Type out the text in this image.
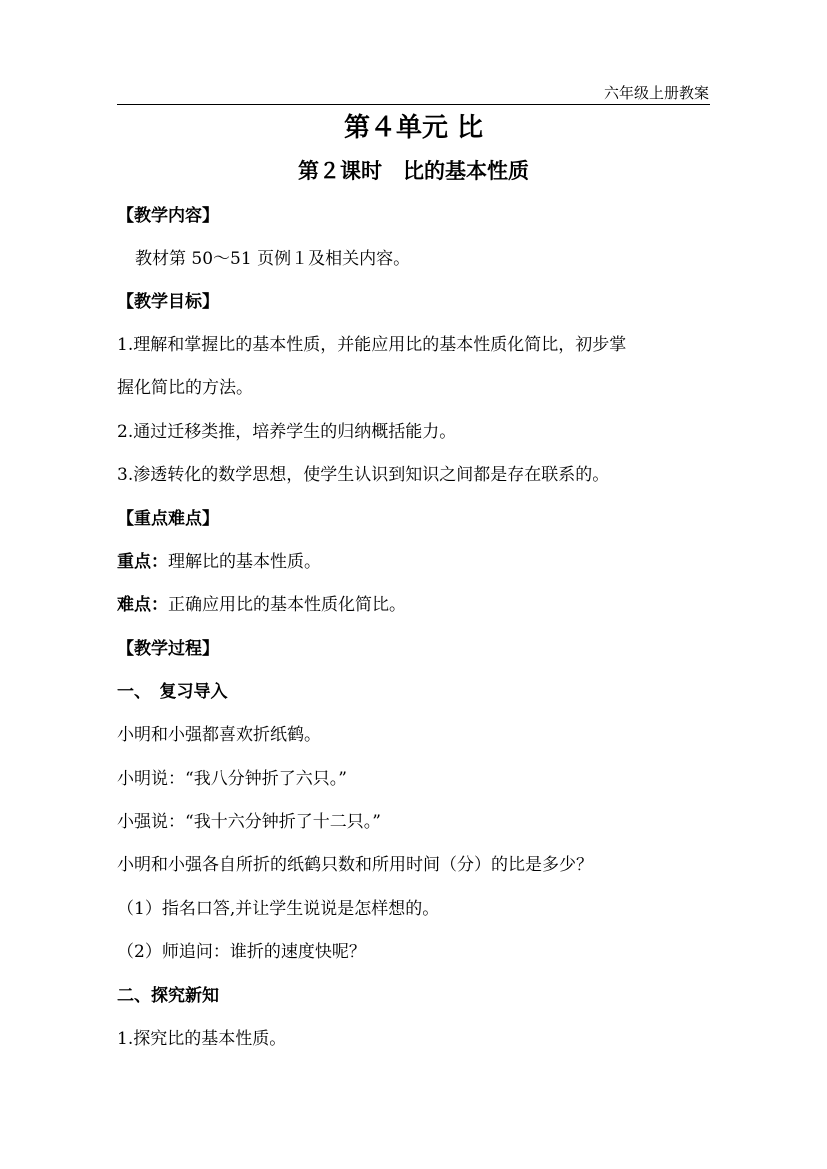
六年级上册教案
第４单元 比
第２课时　比的基本性质
【教学内容】
教材第 50～51 页例１及相关内容。
【教学目标】
1.理解和掌握比的基本性质，并能应用比的基本性质化简比，初步掌
握化简比的方法。
2.通过迁移类推，培养学生的归纳概括能力。
3.渗透转化的数学思想，使学生认识到知识之间都是存在联系的。
【重点难点】
重点：理解比的基本性质。
难点：正确应用比的基本性质化简比。
【教学过程】
一、　复习导入
小明和小强都喜欢折纸鹤。
小明说：“我八分钟折了六只。”
小强说：“我十六分钟折了十二只。”
小明和小强各自所折的纸鹤只数和所用时间（分）的比是多少？
（1）指名口答,并让学生说说是怎样想的。
（2）师追问：谁折的速度快呢？
二、探究新知
1.探究比的基本性质。
